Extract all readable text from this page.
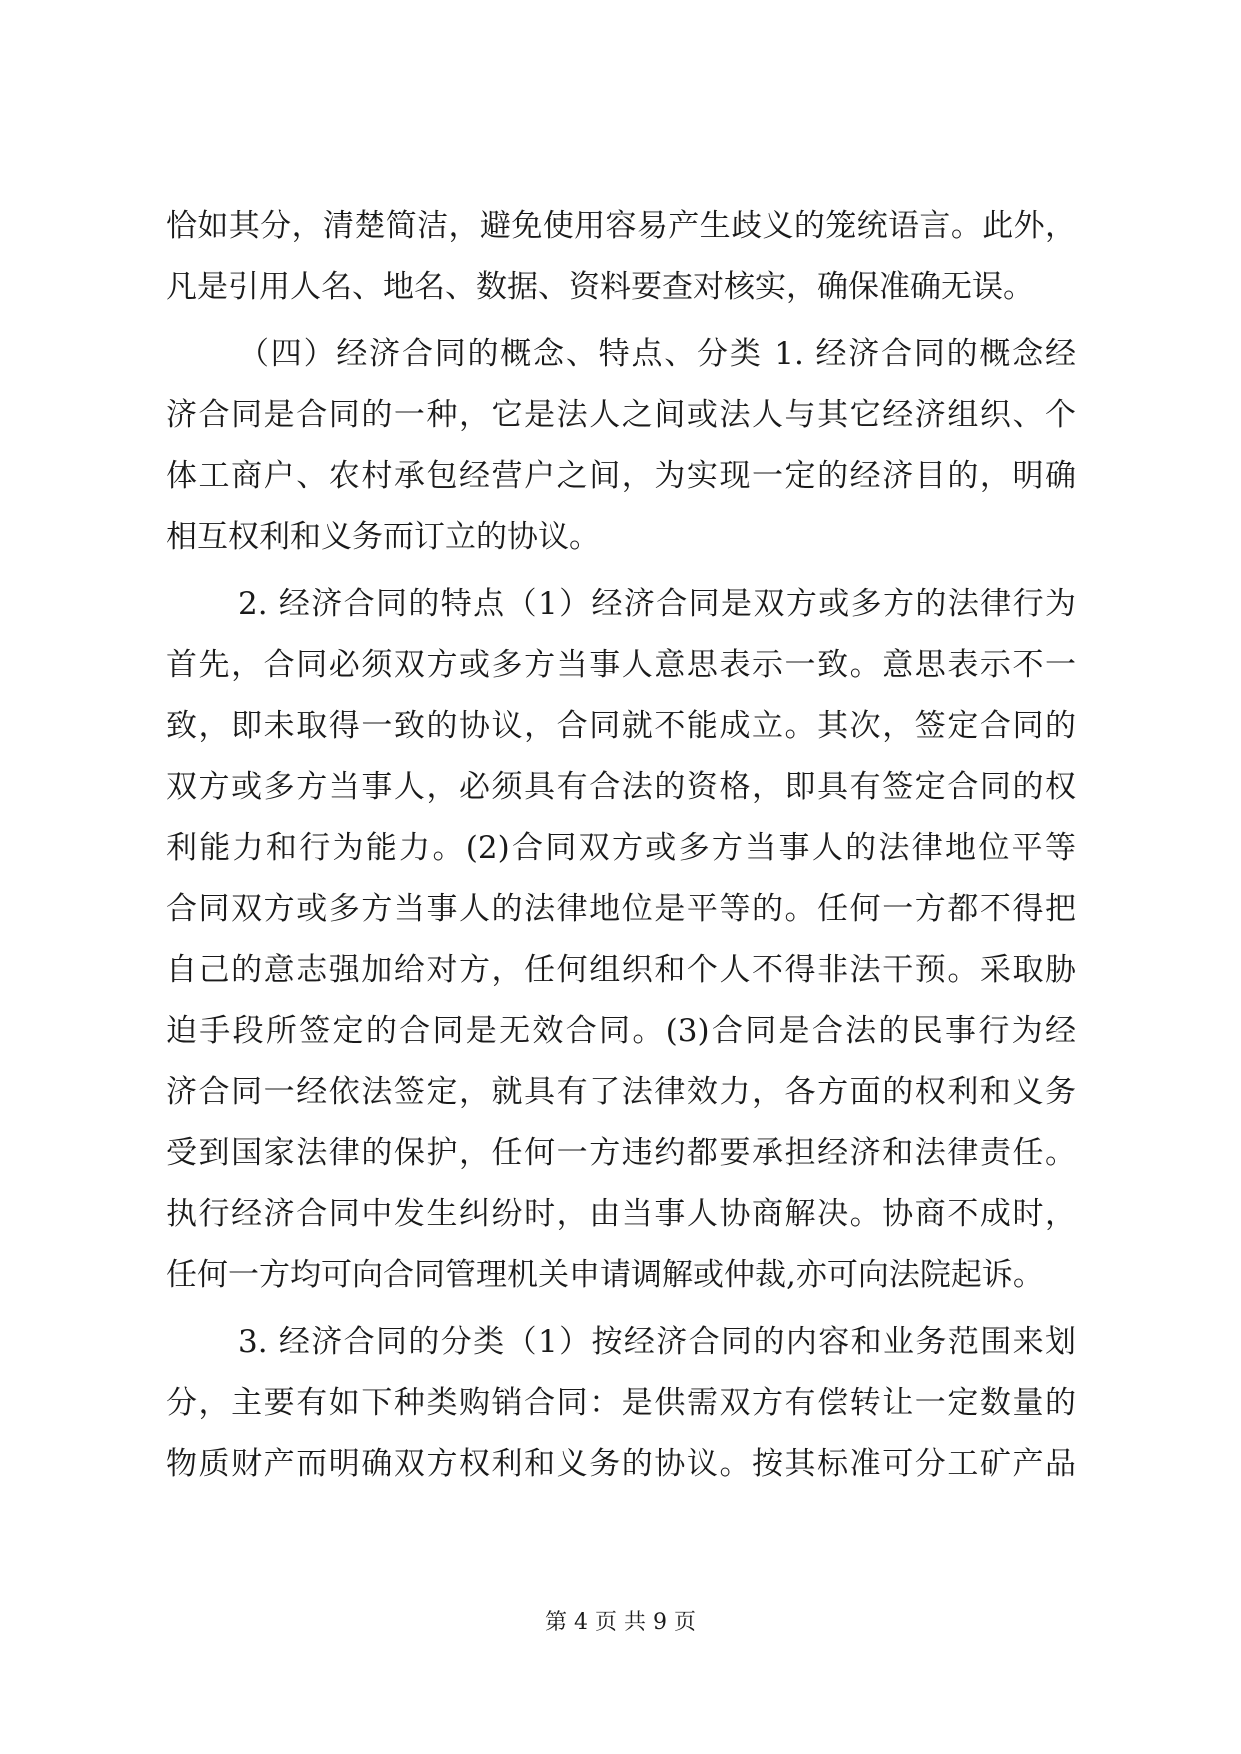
恰如其分，清楚简洁，避免使用容易产生歧义的笼统语言。此外，
凡是引用人名、地名、数据、资料要查对核实，确保准确无误。
（四）经济合同的概念、特点、分类 1. 经济合同的概念经
济合同是合同的一种，它是法人之间或法人与其它经济组织、个
体工商户、农村承包经营户之间，为实现一定的经济目的，明确
相互权利和义务而订立的协议。
2. 经济合同的特点（1）经济合同是双方或多方的法律行为
首先，合同必须双方或多方当事人意思表示一致。意思表示不一
致，即未取得一致的协议，合同就不能成立。其次，签定合同的
双方或多方当事人，必须具有合法的资格，即具有签定合同的权
利能力和行为能力。(2)合同双方或多方当事人的法律地位平等
合同双方或多方当事人的法律地位是平等的。任何一方都不得把
自己的意志强加给对方，任何组织和个人不得非法干预。采取胁
迫手段所签定的合同是无效合同。(3)合同是合法的民事行为经
济合同一经依法签定，就具有了法律效力，各方面的权利和义务
受到国家法律的保护，任何一方违约都要承担经济和法律责任。
执行经济合同中发生纠纷时，由当事人协商解决。协商不成时，
任何一方均可向合同管理机关申请调解或仲裁,亦可向法院起诉。
3. 经济合同的分类（1）按经济合同的内容和业务范围来划
分，主要有如下种类购销合同：是供需双方有偿转让一定数量的
物质财产而明确双方权利和义务的协议。按其标准可分工矿产品
第 4 页 共 9 页
